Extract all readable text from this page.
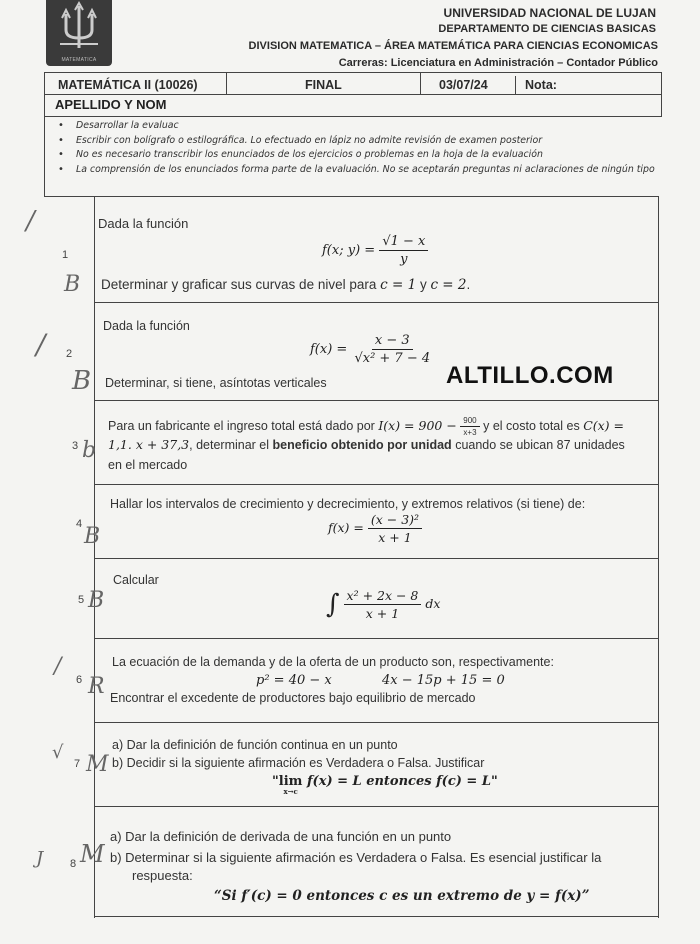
MATEMATICA
UNIVERSIDAD NACIONAL DE LUJAN
DEPARTAMENTO DE CIENCIAS BASICAS
DIVISION MATEMATICA – ÁREA MATEMÁTICA PARA CIENCIAS ECONOMICAS
Carreras: Licenciatura en Administración – Contador Público
MATEMÁTICA II (10026)	FINAL	03/07/24	Nota:
APELLIDO Y NOM
• Desarrollar la evaluac
• Escribir con bolígrafo o estilográfica. Lo efectuado en lápiz no admite revisión de examen posterior
• No es necesario transcribir los enunciados de los ejercicios o problemas en la hoja de la evaluación
• La comprensión de los enunciados forma parte de la evaluación. No se aceptarán preguntas ni aclaraciones de ningún tipo
/
B
/
B
b
B
B
/
R
√ M
J M
1
Dada la función
f(x; $y) = \frac{√1 - x}{y}$
Determinar y graficar sus curvas de nivel para c = 1 y c = 2.
2
Dada la función
$f(x) = \frac{x - 3}{\text{√x² + 7 − 4}}$
Determinar, si tiene, asíntotas verticales	ALTILLO.COM
3
Para un fabricante el ingreso total está dado por $I(x) = 900 - \frac{900}{x+3}$ y el costo total es C(x) =
1,1. x + 37,3, determinar el beneficio obtenido por unidad cuando se ubican 87 unidades
en el mercado
4
Hallar los intervalos de crecimiento y decrecimiento, y extremos relativos (si tiene) de:
$f(x) = \frac{\text{(x − 3)²}}{x + 1}$
5
Calcular
∫ $\frac{\text{x² + 2x − 8}}{x + 1}$ dx
6
La ecuación de la demanda y de la oferta de un producto son, respectivamente:
p² = 40 − x	4x − 15p + 15 = 0
Encontrar el excedente de productores bajo equilibrio de mercado
7
a) Dar la definición de función continua en un punto
b) Decidir si la siguiente afirmación es Verdadera o Falsa. Justificar
" lim
x→c
f(x) = L entonces f(c) = L"
8
a) Dar la definición de derivada de una función en un punto
b) Determinar si la siguiente afirmación es Verdadera o Falsa. Es esencial justificar la
respuesta:
“Si f′(c) = 0 entonces c es un extremo de y = f(x)”
